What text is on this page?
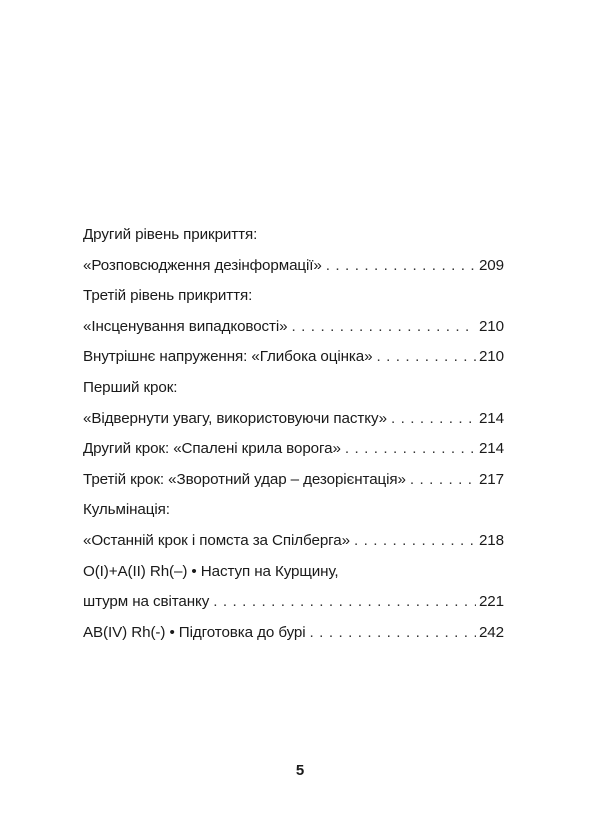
Другий рівень прикриття:
«Розповсюдження дезінформації» . . .	209
Третій рівень прикриття:
«Інсценування випадковості» . . .	210
Внутрішнє напруження: «Глибока оцінка» . . .	210
Перший крок:
«Відвернути увагу, використовуючи пастку» . . .	214
Другий крок: «Спалені крила ворога» . . .	214
Третій крок: «Зворотний удар – дезорієнтація» . . .	217
Кульмінація:
«Останній крок і помста за Спілберга» . . .	218
O(I)+A(II) Rh(–) • Наступ на Курщину,
штурм на світанку . . .	221
AB(IV) Rh(-) • Підготовка до бурі . . .	242
5
